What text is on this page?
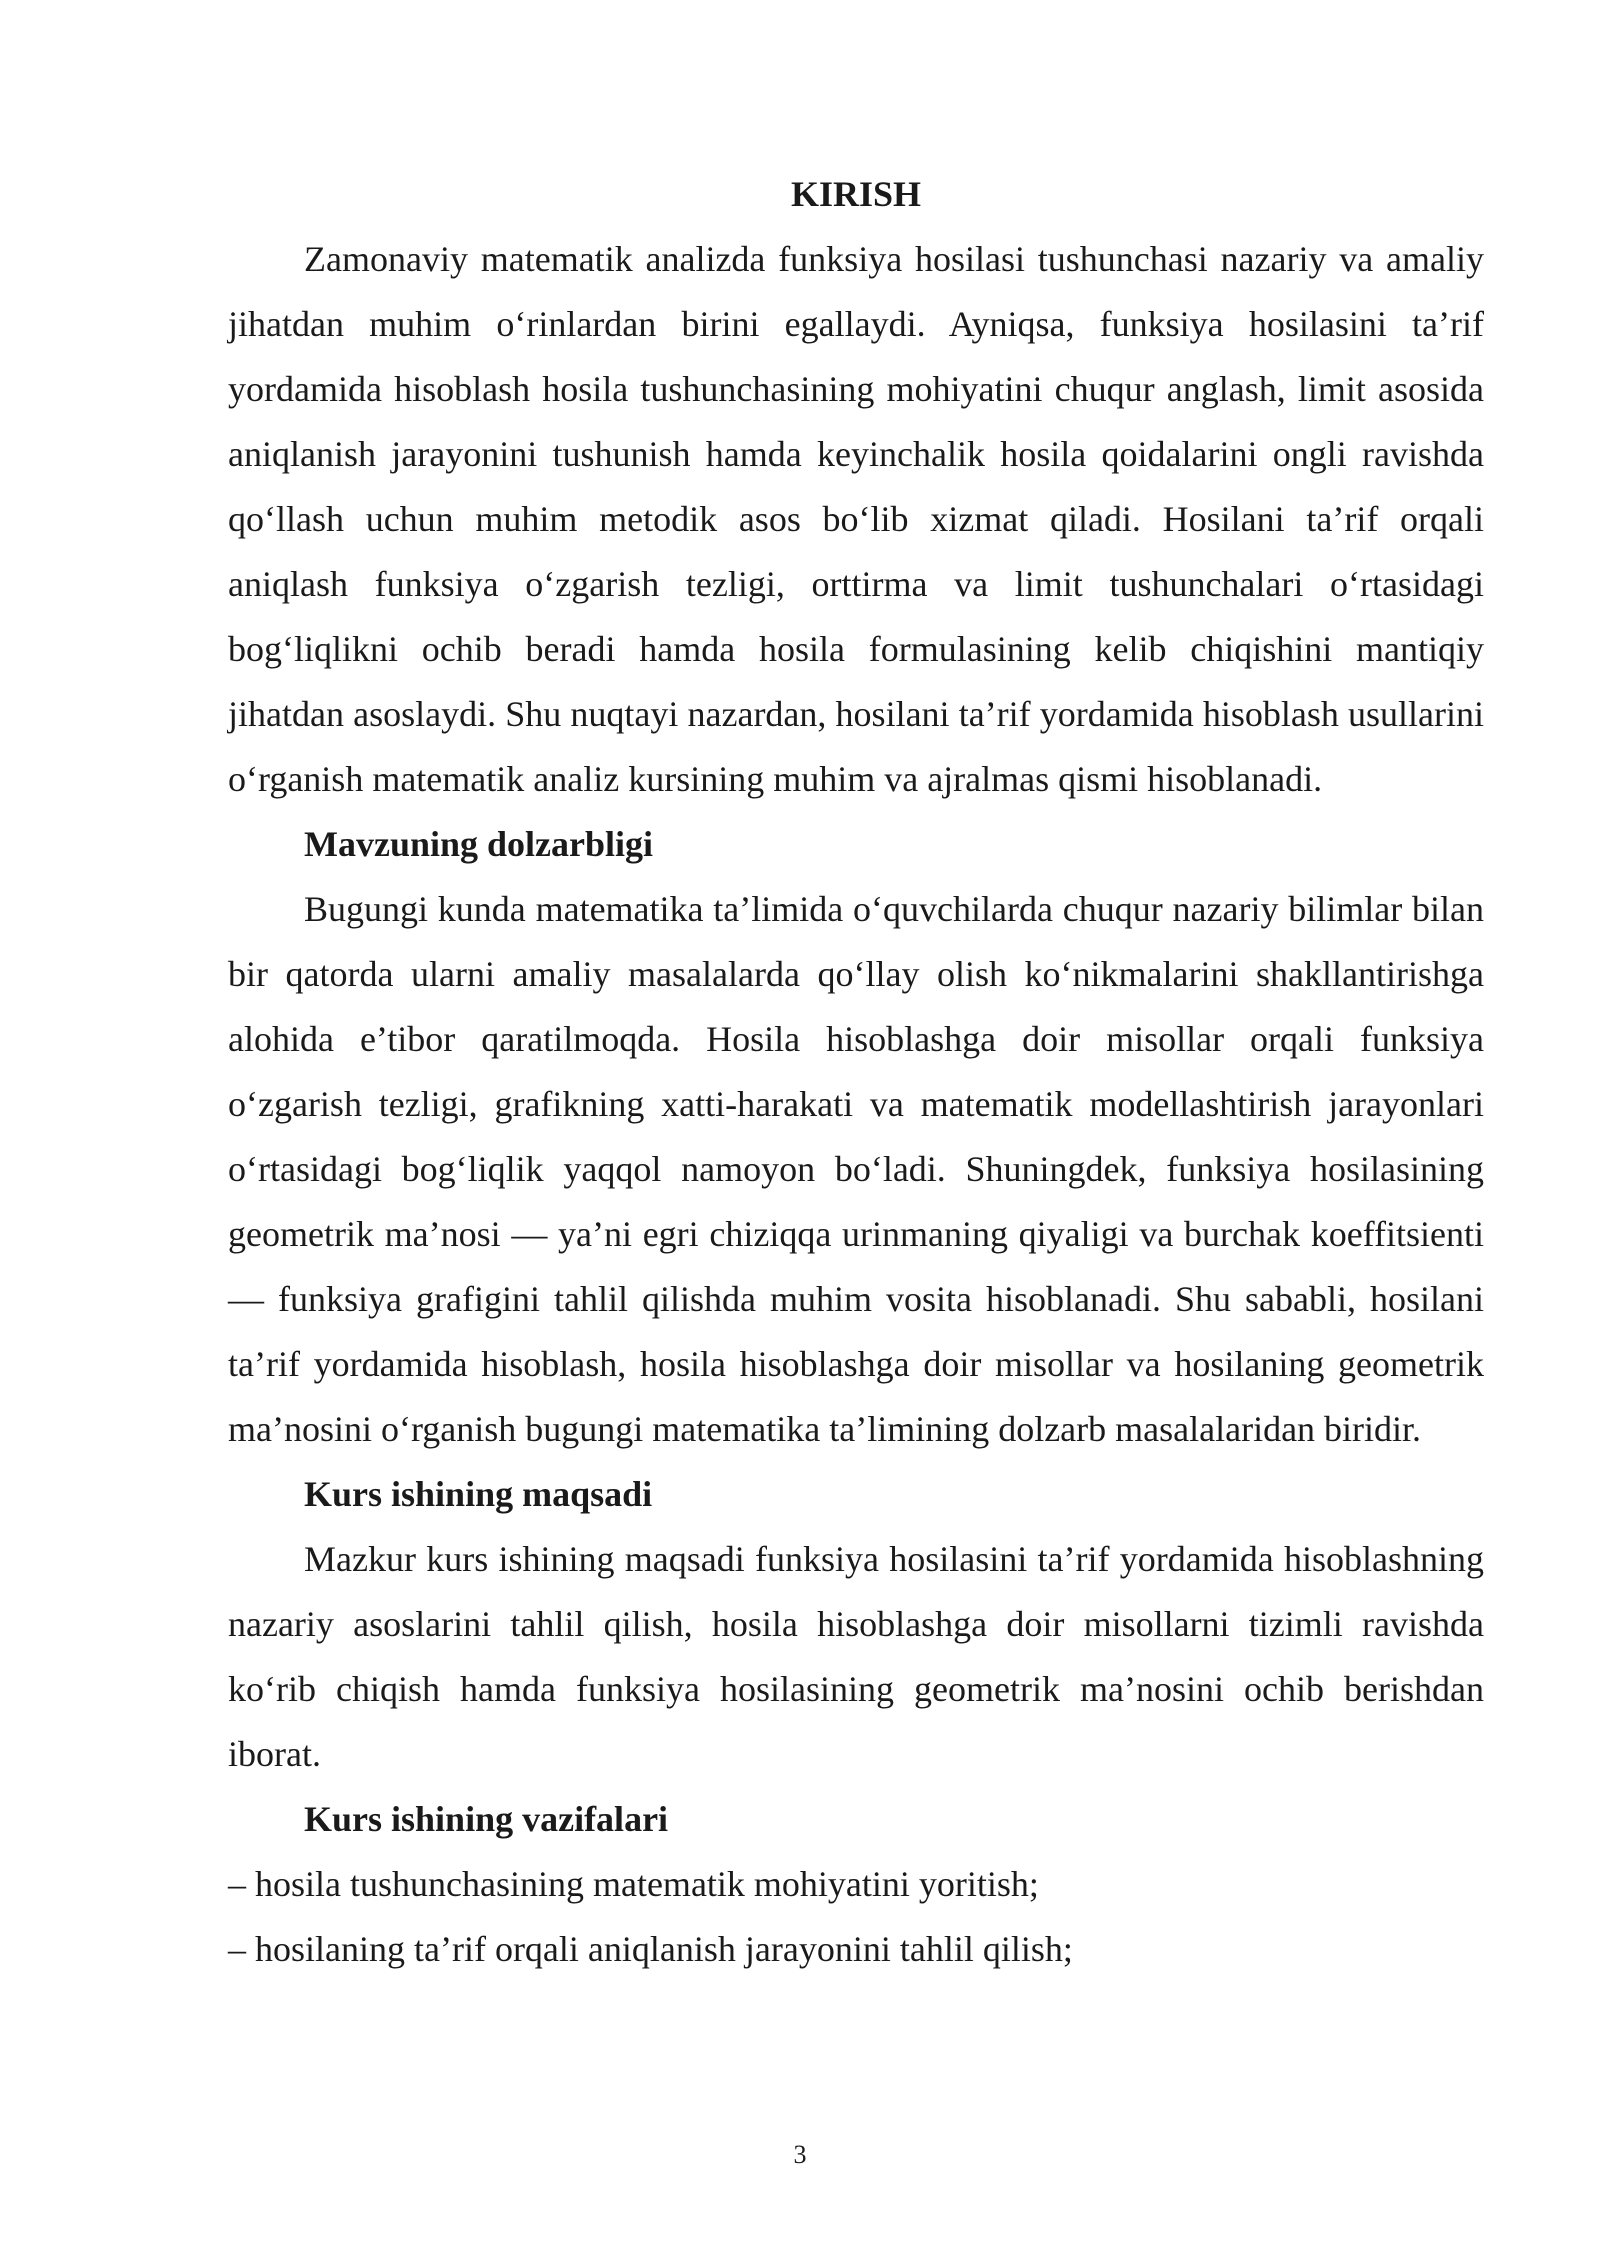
KIRISH

Zamonaviy matematik analizda funksiya hosilasi tushunchasi nazariy va amaliy jihatdan muhim o‘rinlardan birini egallaydi. Ayniqsa, funksiya hosilasini ta’rif yordamida hisoblash hosila tushunchasining mohiyatini chuqur anglash, limit asosida aniqlanish jarayonini tushunish hamda keyinchalik hosila qoidalarini ongli ravishda qo‘llash uchun muhim metodik asos bo‘lib xizmat qiladi. Hosilani ta’rif orqali aniqlash funksiya o‘zgarish tezligi, orttirma va limit tushunchalari o‘rtasidagi bog‘liqlikni ochib beradi hamda hosila formulasining kelib chiqishini mantiqiy jihatdan asoslaydi. Shu nuqtayi nazardan, hosilani ta’rif yordamida hisoblash usullarini o‘rganish matematik analiz kursining muhim va ajralmas qismi hisoblanadi.

Mavzuning dolzarbligi

Bugungi kunda matematika ta’limida o‘quvchilarda chuqur nazariy bilimlar bilan bir qatorda ularni amaliy masalalarda qo‘llay olish ko‘nikmalarini shakllantirishga alohida e’tibor qaratilmoqda. Hosila hisoblashga doir misollar orqali funksiya o‘zgarish tezligi, grafikning xatti-harakati va matematik modellashtirish jarayonlari o‘rtasidagi bog‘liqlik yaqqol namoyon bo‘ladi. Shuningdek, funksiya hosilasining geometrik ma’nosi — ya’ni egri chiziqqa urinmaning qiyaligi va burchak koeffitsienti — funksiya grafigini tahlil qilishda muhim vosita hisoblanadi. Shu sababli, hosilani ta’rif yordamida hisoblash, hosila hisoblashga doir misollar va hosilaning geometrik ma’nosini o‘rganish bugungi matematika ta’limining dolzarb masalalaridan biridir.

Kurs ishining maqsadi

Mazkur kurs ishining maqsadi funksiya hosilasini ta’rif yordamida hisoblashning nazariy asoslarini tahlil qilish, hosila hisoblashga doir misollarni tizimli ravishda ko‘rib chiqish hamda funksiya hosilasining geometrik ma’nosini ochib berishdan iborat.

Kurs ishining vazifalari

– hosila tushunchasining matematik mohiyatini yoritish;

– hosilaning ta’rif orqali aniqlanish jarayonini tahlil qilish;

3
